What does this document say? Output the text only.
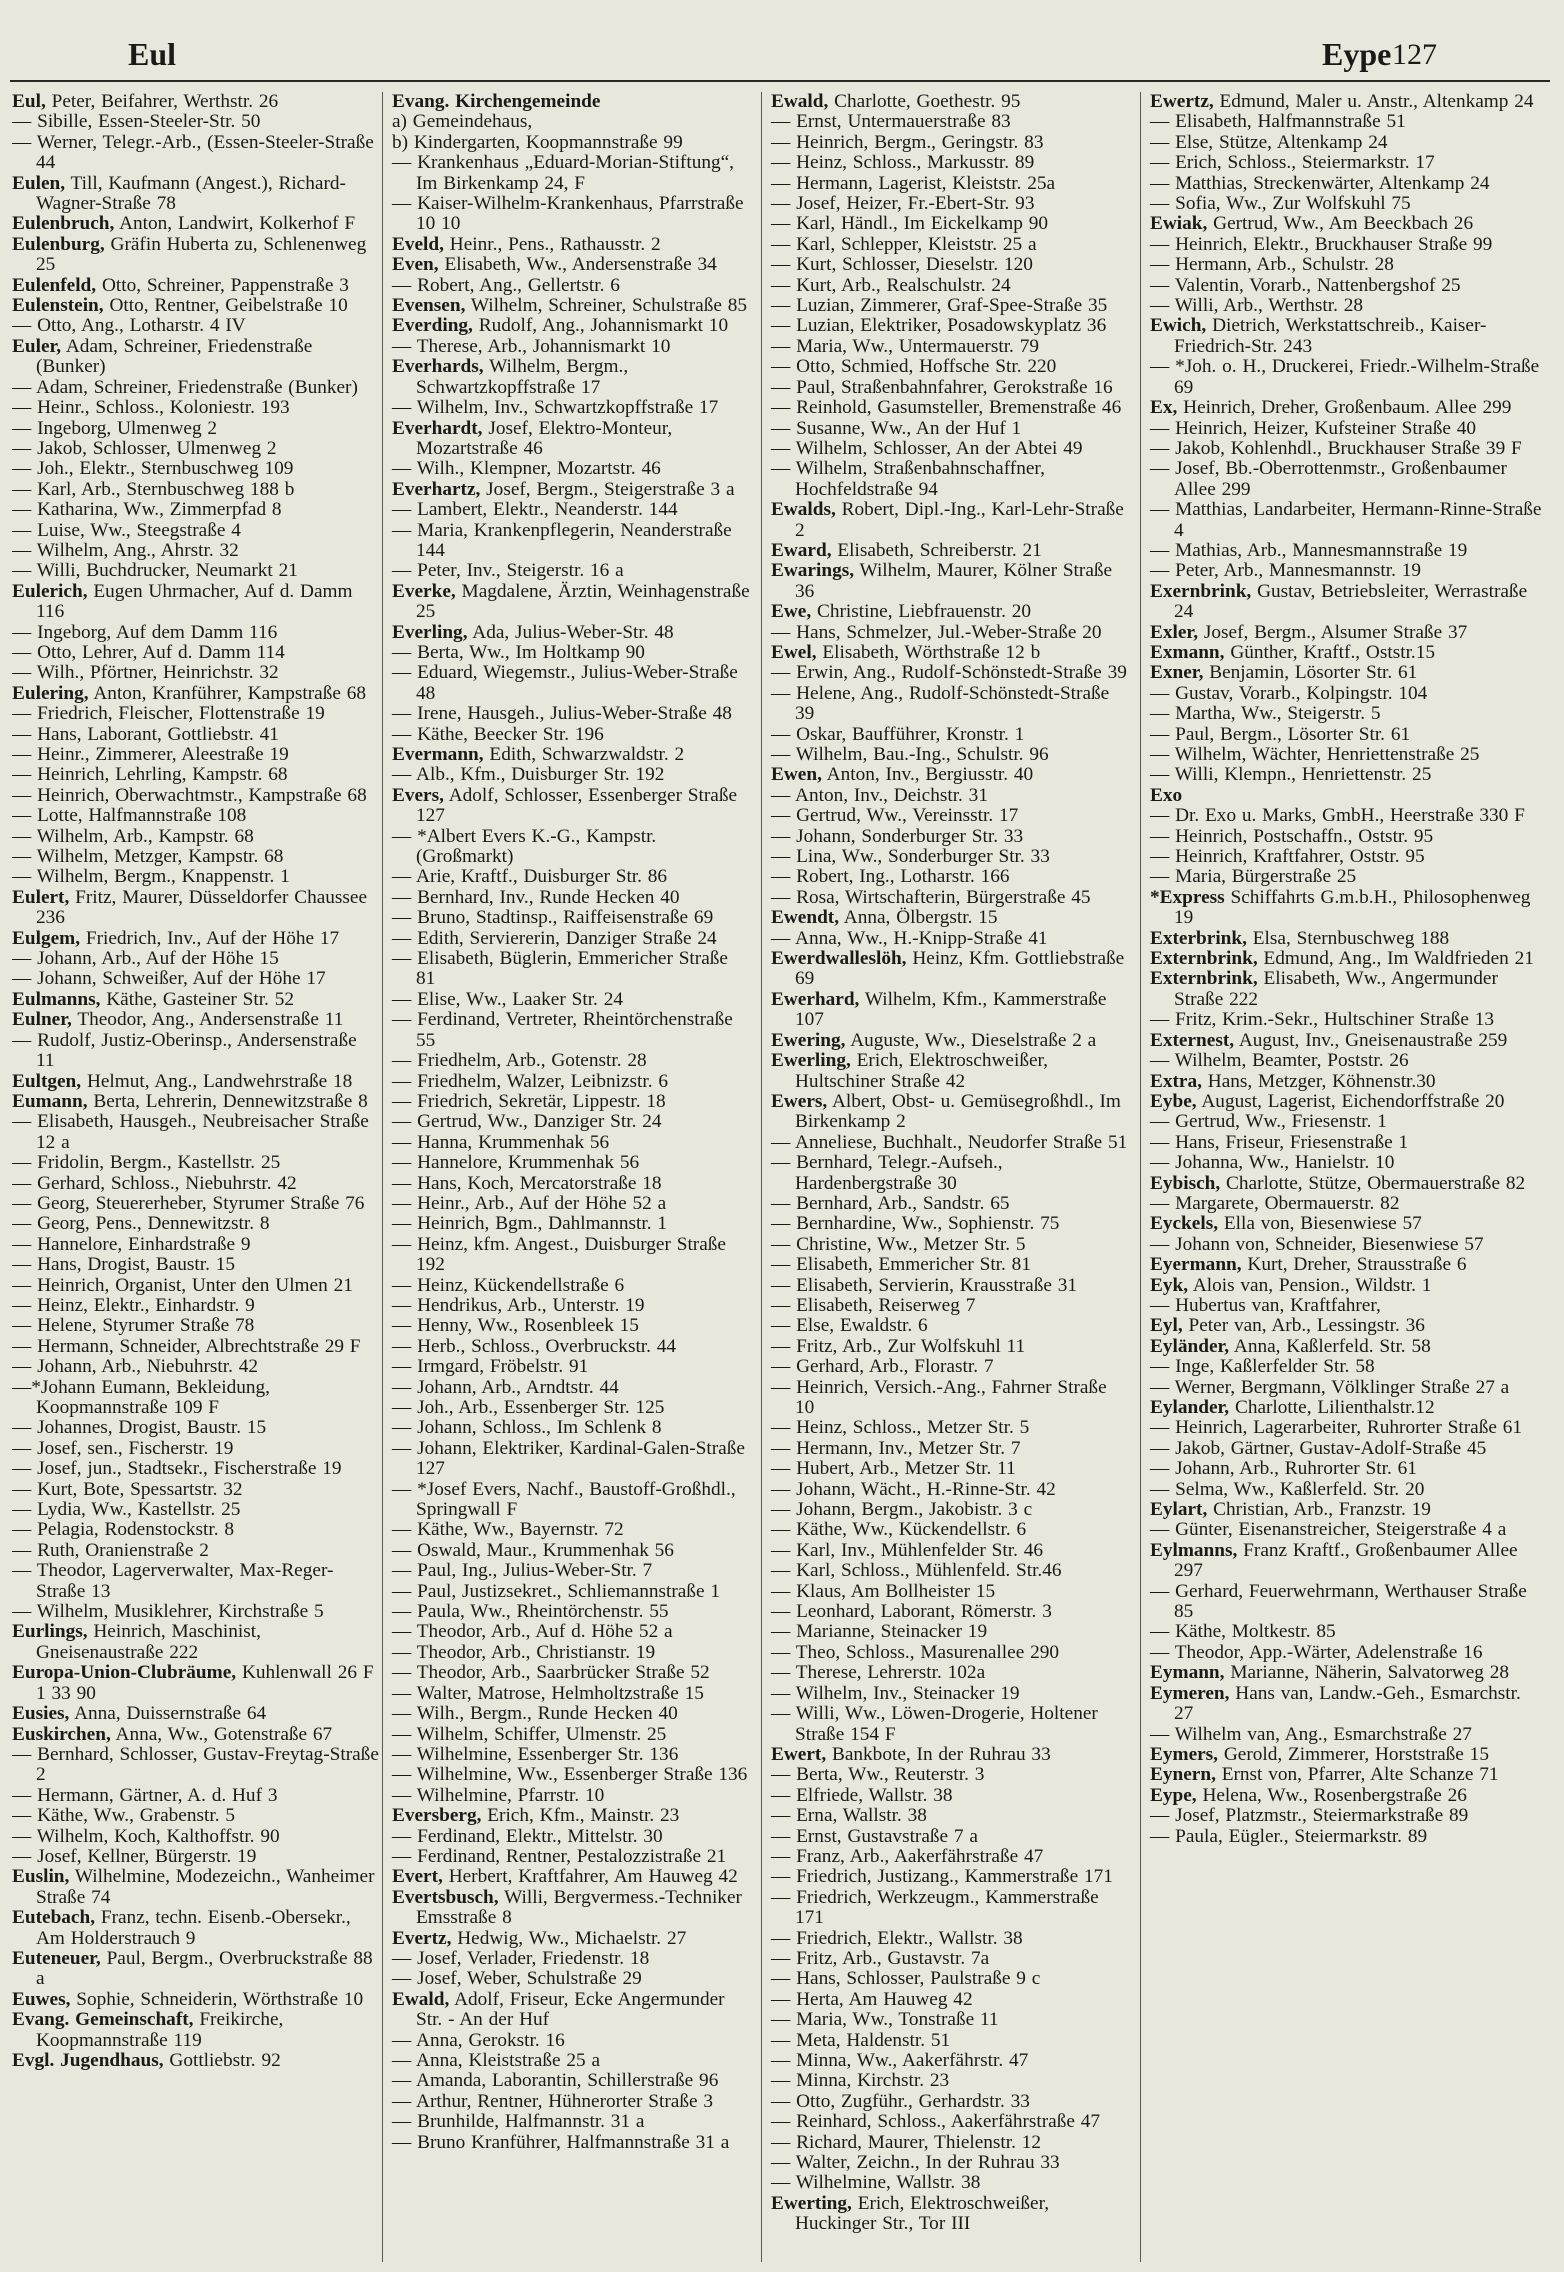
Eul	Eype 127

Eul, Peter, Beifahrer, Werthstr. 26

— Sibille, Essen-Steeler-Str. 50

— Werner, Telegr.-Arb., (Essen-Steeler-Straße 44

Eulen, Till, Kaufmann (Angest.), Richard-Wagner-Straße 78

Eulenbruch, Anton, Landwirt, Kolkerhof F

Eulenburg, Gräfin Huberta zu, Schlenenweg 25

Eulenfeld, Otto, Schreiner, Pappenstraße 3

Eulenstein, Otto, Rentner, Geibelstraße 10

— Otto, Ang., Lotharstr. 4 IV

Euler, Adam, Schreiner, Friedenstraße (Bunker)

— Adam, Schreiner, Friedenstraße (Bunker)

— Heinr., Schloss., Koloniestr. 193

— Ingeborg, Ulmenweg 2

— Jakob, Schlosser, Ulmenweg 2

— Joh., Elektr., Sternbuschweg 109

— Karl, Arb., Sternbuschweg 188 b

— Katharina, Ww., Zimmerpfad 8

— Luise, Ww., Steegstraße 4

— Wilhelm, Ang., Ahrstr. 32

— Willi, Buchdrucker, Neumarkt 21

Eulerich, Eugen Uhrmacher, Auf d. Damm 116

— Ingeborg, Auf dem Damm 116

— Otto, Lehrer, Auf d. Damm 114

— Wilh., Pförtner, Heinrichstr. 32

Eulering, Anton, Kranführer, Kampstraße 68

— Friedrich, Fleischer, Flottenstraße 19

— Hans, Laborant, Gottliebstr. 41

— Heinr., Zimmerer, Aleestraße 19

— Heinrich, Lehrling, Kampstr. 68

— Heinrich, Oberwachtmstr., Kampstraße 68

— Lotte, Halfmannstraße 108

— Wilhelm, Arb., Kampstr. 68

— Wilhelm, Metzger, Kampstr. 68

— Wilhelm, Bergm., Knappenstr. 1

Eulert, Fritz, Maurer, Düsseldorfer Chaussee 236

Eulgem, Friedrich, Inv., Auf der Höhe 17

— Johann, Arb., Auf der Höhe 15

— Johann, Schweißer, Auf der Höhe 17

Eulmanns, Käthe, Gasteiner Str. 52

Eulner, Theodor, Ang., Andersenstraße 11

— Rudolf, Justiz-Oberinsp., Andersenstraße 11

Eultgen, Helmut, Ang., Landwehrstraße 18

Eumann, Berta, Lehrerin, Dennewitzstraße 8

— Elisabeth, Hausgeh., Neubreisacher Straße 12 a

— Fridolin, Bergm., Kastellstr. 25

— Gerhard, Schloss., Niebuhrstr. 42

— Georg, Steuererheber, Styrumer Straße 76

— Georg, Pens., Dennewitzstr. 8

— Hannelore, Einhardstraße 9

— Hans, Drogist, Baustr. 15

— Heinrich, Organist, Unter den Ulmen 21

— Heinz, Elektr., Einhardstr. 9

— Helene, Styrumer Straße 78

— Hermann, Schneider, Albrechtstraße 29 F

— Johann, Arb., Niebuhrstr. 42

—*Johann Eumann, Bekleidung, Koopmannstraße 109 F

— Johannes, Drogist, Baustr. 15

— Josef, sen., Fischerstr. 19

— Josef, jun., Stadtsekr., Fischerstraße 19

— Kurt, Bote, Spessartstr. 32

— Lydia, Ww., Kastellstr. 25

— Pelagia, Rodenstockstr. 8

— Ruth, Oranienstraße 2

— Theodor, Lagerverwalter, Max-Reger-Straße 13

— Wilhelm, Musiklehrer, Kirchstraße 5

Eurlings, Heinrich, Maschinist, Gneisenaustraße 222

Europa-Union-Clubräume, Kuhlenwall 26 F 1 33 90

Eusies, Anna, Duissernstraße 64

Euskirchen, Anna, Ww., Gotenstraße 67

— Bernhard, Schlosser, Gustav-Freytag-Straße 2

— Hermann, Gärtner, A. d. Huf 3

— Käthe, Ww., Grabenstr. 5

— Wilhelm, Koch, Kalthoffstr. 90

— Josef, Kellner, Bürgerstr. 19

Euslin, Wilhelmine, Modezeichn., Wanheimer Straße 74

Eutebach, Franz, techn. Eisenb.-Obersekr., Am Holderstrauch 9

Euteneuer, Paul, Bergm., Overbruckstraße 88 a

Euwes, Sophie, Schneiderin, Wörthstraße 10

Evang. Gemeinschaft, Freikirche, Koopmannstraße 119

Evgl. Jugendhaus, Gottliebstr. 92

Evang. Kirchengemeinde

a) Gemeindehaus,

b) Kindergarten, Koopmannstraße 99

— Krankenhaus „Eduard-Morian-Stiftung“, Im Birkenkamp 24, F

— Kaiser-Wilhelm-Krankenhaus, Pfarrstraße 10 10

Eveld, Heinr., Pens., Rathausstr. 2

Even, Elisabeth, Ww., Andersenstraße 34

— Robert, Ang., Gellertstr. 6

Evensen, Wilhelm, Schreiner, Schulstraße 85

Everding, Rudolf, Ang., Johannismarkt 10

— Therese, Arb., Johannismarkt 10

Everhards, Wilhelm, Bergm., Schwartzkopffstraße 17

— Wilhelm, Inv., Schwartzkopffstraße 17

Everhardt, Josef, Elektro-Monteur, Mozartstraße 46

— Wilh., Klempner, Mozartstr. 46

Everhartz, Josef, Bergm., Steigerstraße 3 a

— Lambert, Elektr., Neanderstr. 144

— Maria, Krankenpflegerin, Neanderstraße 144

— Peter, Inv., Steigerstr. 16 a

Everke, Magdalene, Ärztin, Weinhagenstraße 25

Everling, Ada, Julius-Weber-Str. 48

— Berta, Ww., Im Holtkamp 90

— Eduard, Wiegemstr., Julius-Weber-Straße 48

— Irene, Hausgeh., Julius-Weber-Straße 48

— Käthe, Beecker Str. 196

Evermann, Edith, Schwarzwaldstr. 2

— Alb., Kfm., Duisburger Str. 192

Evers, Adolf, Schlosser, Essenberger Straße 127

— *Albert Evers K.-G., Kampstr. (Großmarkt)

— Arie, Kraftf., Duisburger Str. 86

— Bernhard, Inv., Runde Hecken 40

— Bruno, Stadtinsp., Raiffeisenstraße 69

— Edith, Serviererin, Danziger Straße 24

— Elisabeth, Büglerin, Emmericher Straße 81

— Elise, Ww., Laaker Str. 24

— Ferdinand, Vertreter, Rheintörchenstraße 55

— Friedhelm, Arb., Gotenstr. 28

— Friedhelm, Walzer, Leibnizstr. 6

— Friedrich, Sekretär, Lippestr. 18

— Gertrud, Ww., Danziger Str. 24

— Hanna, Krummenhak 56

— Hannelore, Krummenhak 56

— Hans, Koch, Mercatorstraße 18

— Heinr., Arb., Auf der Höhe 52 a

— Heinrich, Bgm., Dahlmannstr. 1

— Heinz, kfm. Angest., Duisburger Straße 192

— Heinz, Kückendellstraße 6

— Hendrikus, Arb., Unterstr. 19

— Henny, Ww., Rosenbleek 15

— Herb., Schloss., Overbruckstr. 44

— Irmgard, Fröbelstr. 91

— Johann, Arb., Arndtstr. 44

— Joh., Arb., Essenberger Str. 125

— Johann, Schloss., Im Schlenk 8

— Johann, Elektriker, Kardinal-Galen-Straße 127

— *Josef Evers, Nachf., Baustoff-Großhdl., Springwall F

— Käthe, Ww., Bayernstr. 72

— Oswald, Maur., Krummenhak 56

— Paul, Ing., Julius-Weber-Str. 7

— Paul, Justizsekret., Schliemannstraße 1

— Paula, Ww., Rheintörchenstr. 55

— Theodor, Arb., Auf d. Höhe 52 a

— Theodor, Arb., Christianstr. 19

— Theodor, Arb., Saarbrücker Straße 52

— Walter, Matrose, Helmholtzstraße 15

— Wilh., Bergm., Runde Hecken 40

— Wilhelm, Schiffer, Ulmenstr. 25

— Wilhelmine, Essenberger Str. 136

— Wilhelmine, Ww., Essenberger Straße 136

— Wilhelmine, Pfarrstr. 10

Eversberg, Erich, Kfm., Mainstr. 23

— Ferdinand, Elektr., Mittelstr. 30

— Ferdinand, Rentner, Pestalozzistraße 21

Evert, Herbert, Kraftfahrer, Am Hauweg 42

Evertsbusch, Willi, Bergvermess.-Techniker Emsstraße 8

Evertz, Hedwig, Ww., Michaelstr. 27

— Josef, Verlader, Friedenstr. 18

— Josef, Weber, Schulstraße 29

Ewald, Adolf, Friseur, Ecke Angermunder Str. - An der Huf

— Anna, Gerokstr. 16

— Anna, Kleiststraße 25 a

— Amanda, Laborantin, Schillerstraße 96

— Arthur, Rentner, Hühnerorter Straße 3

— Brunhilde, Halfmannstr. 31 a

— Bruno Kranführer, Halfmannstraße 31 a

Ewald, Charlotte, Goethestr. 95

— Ernst, Untermauerstraße 83

— Heinrich, Bergm., Geringstr. 83

— Heinz, Schloss., Markusstr. 89

— Hermann, Lagerist, Kleiststr. 25a

— Josef, Heizer, Fr.-Ebert-Str. 93

— Karl, Händl., Im Eickelkamp 90

— Karl, Schlepper, Kleiststr. 25 a

— Kurt, Schlosser, Dieselstr. 120

— Kurt, Arb., Realschulstr. 24

— Luzian, Zimmerer, Graf-Spee-Straße 35

— Luzian, Elektriker, Posadowskyplatz 36

— Maria, Ww., Untermauerstr. 79

— Otto, Schmied, Hoffsche Str. 220

— Paul, Straßenbahnfahrer, Gerokstraße 16

— Reinhold, Gasumsteller, Bremenstraße 46

— Susanne, Ww., An der Huf 1

— Wilhelm, Schlosser, An der Abtei 49

— Wilhelm, Straßenbahnschaffner, Hochfeldstraße 94

Ewalds, Robert, Dipl.-Ing., Karl-Lehr-Straße 2

Eward, Elisabeth, Schreiberstr. 21

Ewarings, Wilhelm, Maurer, Kölner Straße 36

Ewe, Christine, Liebfrauenstr. 20

— Hans, Schmelzer, Jul.-Weber-Straße 20

Ewel, Elisabeth, Wörthstraße 12 b

— Erwin, Ang., Rudolf-Schönstedt-Straße 39

— Helene, Ang., Rudolf-Schönstedt-Straße 39

— Oskar, Baufführer, Kronstr. 1

— Wilhelm, Bau.-Ing., Schulstr. 96

Ewen, Anton, Inv., Bergiusstr. 40

— Anton, Inv., Deichstr. 31

— Gertrud, Ww., Vereinsstr. 17

— Johann, Sonderburger Str. 33

— Lina, Ww., Sonderburger Str. 33

— Robert, Ing., Lotharstr. 166

— Rosa, Wirtschafterin, Bürgerstraße 45

Ewendt, Anna, Ölbergstr. 15

— Anna, Ww., H.-Knipp-Straße 41

Ewerdwalleslöh, Heinz, Kfm. Gottliebstraße 69

Ewerhard, Wilhelm, Kfm., Kammerstraße 107

Ewering, Auguste, Ww., Dieselstraße 2 a

Ewerling, Erich, Elektroschweißer, Hultschiner Straße 42

Ewers, Albert, Obst- u. Gemüsegroßhdl., Im Birkenkamp 2

— Anneliese, Buchhalt., Neudorfer Straße 51

— Bernhard, Telegr.-Aufseh., Hardenbergstraße 30

— Bernhard, Arb., Sandstr. 65

— Bernhardine, Ww., Sophienstr. 75

— Christine, Ww., Metzer Str. 5

— Elisabeth, Emmericher Str. 81

— Elisabeth, Servierin, Krausstraße 31

— Elisabeth, Reiserweg 7

— Else, Ewaldstr. 6

— Fritz, Arb., Zur Wolfskuhl 11

— Gerhard, Arb., Florastr. 7

— Heinrich, Versich.-Ang., Fahrner Straße 10

— Heinz, Schloss., Metzer Str. 5

— Hermann, Inv., Metzer Str. 7

— Hubert, Arb., Metzer Str. 11

— Johann, Wächt., H.-Rinne-Str. 42

— Johann, Bergm., Jakobistr. 3 c

— Käthe, Ww., Kückendellstr. 6

— Karl, Inv., Mühlenfelder Str. 46

— Karl, Schloss., Mühlenfeld. Str.46

— Klaus, Am Bollheister 15

— Leonhard, Laborant, Römerstr. 3

— Marianne, Steinacker 19

— Theo, Schloss., Masurenallee 290

— Therese, Lehrerstr. 102a

— Wilhelm, Inv., Steinacker 19

— Willi, Ww., Löwen-Drogerie, Holtener Straße 154 F

Ewert, Bankbote, In der Ruhrau 33

— Berta, Ww., Reuterstr. 3

— Elfriede, Wallstr. 38

— Erna, Wallstr. 38

— Ernst, Gustavstraße 7 a

— Franz, Arb., Aakerfährstraße 47

— Friedrich, Justizang., Kammerstraße 171

— Friedrich, Werkzeugm., Kammerstraße 171

— Friedrich, Elektr., Wallstr. 38

— Fritz, Arb., Gustavstr. 7a

— Hans, Schlosser, Paulstraße 9 c

— Herta, Am Hauweg 42

— Maria, Ww., Tonstraße 11

— Meta, Haldenstr. 51

— Minna, Ww., Aakerfährstr. 47

— Minna, Kirchstr. 23

— Otto, Zugführ., Gerhardstr. 33

— Reinhard, Schloss., Aakerfährstraße 47

— Richard, Maurer, Thielenstr. 12

— Walter, Zeichn., In der Ruhrau 33

— Wilhelmine, Wallstr. 38

Ewerting, Erich, Elektroschweißer, Huckinger Str., Tor III

Ewertz, Edmund, Maler u. Anstr., Altenkamp 24

— Elisabeth, Halfmannstraße 51

— Else, Stütze, Altenkamp 24

— Erich, Schloss., Steiermarkstr. 17

— Matthias, Streckenwärter, Altenkamp 24

— Sofia, Ww., Zur Wolfskuhl 75

Ewiak, Gertrud, Ww., Am Beeckbach 26

— Heinrich, Elektr., Bruckhauser Straße 99

— Hermann, Arb., Schulstr. 28

— Valentin, Vorarb., Nattenbergshof 25

— Willi, Arb., Werthstr. 28

Ewich, Dietrich, Werkstattschreib., Kaiser-Friedrich-Str. 243

— *Joh. o. H., Druckerei, Friedr.-Wilhelm-Straße 69

Ex, Heinrich, Dreher, Großenbaum. Allee 299

— Heinrich, Heizer, Kufsteiner Straße 40

— Jakob, Kohlenhdl., Bruckhauser Straße 39 F

— Josef, Bb.-Oberrottenmstr., Großenbaumer Allee 299

— Matthias, Landarbeiter, Hermann-Rinne-Straße 4

— Mathias, Arb., Mannesmannstraße 19

— Peter, Arb., Mannesmannstr. 19

Exernbrink, Gustav, Betriebsleiter, Werrastraße 24

Exler, Josef, Bergm., Alsumer Straße 37

Exmann, Günther, Kraftf., Oststr.15

Exner, Benjamin, Lösorter Str. 61

— Gustav, Vorarb., Kolpingstr. 104

— Martha, Ww., Steigerstr. 5

— Paul, Bergm., Lösorter Str. 61

— Wilhelm, Wächter, Henriettenstraße 25

— Willi, Klempn., Henriettenstr. 25

Exo

— Dr. Exo u. Marks, GmbH., Heerstraße 330 F

— Heinrich, Postschaffn., Oststr. 95

— Heinrich, Kraftfahrer, Oststr. 95

— Maria, Bürgerstraße 25

*Express Schiffahrts G.m.b.H., Philosophenweg 19

Exterbrink, Elsa, Sternbuschweg 188

Externbrink, Edmund, Ang., Im Waldfrieden 21

Externbrink, Elisabeth, Ww., Angermunder Straße 222

— Fritz, Krim.-Sekr., Hultschiner Straße 13

Externest, August, Inv., Gneisenaustraße 259

— Wilhelm, Beamter, Poststr. 26

Extra, Hans, Metzger, Köhnenstr.30

Eybe, August, Lagerist, Eichendorffstraße 20

— Gertrud, Ww., Friesenstr. 1

— Hans, Friseur, Friesenstraße 1

— Johanna, Ww., Hanielstr. 10

Eybisch, Charlotte, Stütze, Obermauerstraße 82

— Margarete, Obermauerstr. 82

Eyckels, Ella von, Biesenwiese 57

— Johann von, Schneider, Biesenwiese 57

Eyermann, Kurt, Dreher, Strausstraße 6

Eyk, Alois van, Pension., Wildstr. 1

— Hubertus van, Kraftfahrer,

Eyl, Peter van, Arb., Lessingstr. 36

Eyländer, Anna, Kaßlerfeld. Str. 58

— Inge, Kaßlerfelder Str. 58

— Werner, Bergmann, Völklinger Straße 27 a

Eylander, Charlotte, Lilienthalstr.12

— Heinrich, Lagerarbeiter, Ruhrorter Straße 61

— Jakob, Gärtner, Gustav-Adolf-Straße 45

— Johann, Arb., Ruhrorter Str. 61

— Selma, Ww., Kaßlerfeld. Str. 20

Eylart, Christian, Arb., Franzstr. 19

— Günter, Eisenanstreicher, Steigerstraße 4 a

Eylmanns, Franz Kraftf., Großenbaumer Allee 297

— Gerhard, Feuerwehrmann, Werthauser Straße 85

— Käthe, Moltkestr. 85

— Theodor, App.-Wärter, Adelenstraße 16

Eymann, Marianne, Näherin, Salvatorweg 28

Eymeren, Hans van, Landw.-Geh., Esmarchstr. 27

— Wilhelm van, Ang., Esmarchstraße 27

Eymers, Gerold, Zimmerer, Horststraße 15

Eynern, Ernst von, Pfarrer, Alte Schanze 71

Eype, Helena, Ww., Rosenbergstraße 26

— Josef, Platzmstr., Steiermarkstraße 89

— Paula, Eügler., Steiermarkstr. 89
